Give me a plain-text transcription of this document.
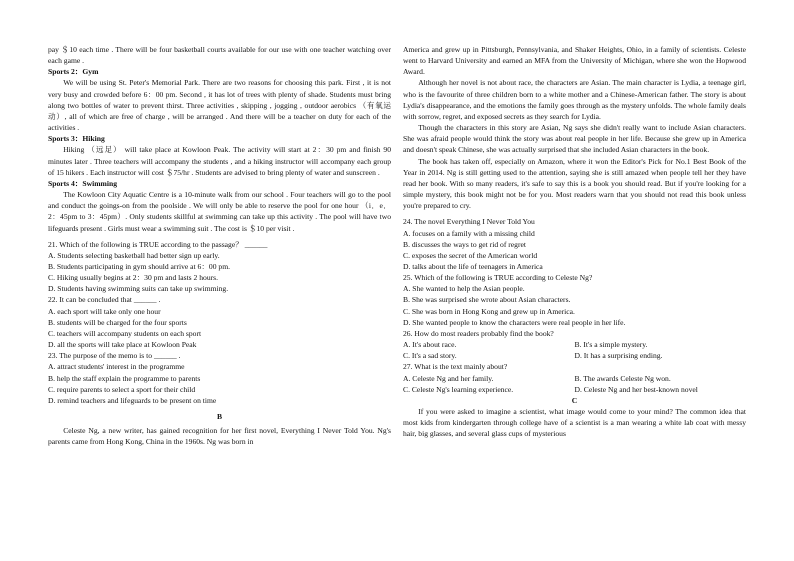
pay ＄10 each time . There will be four basketball courts available for our use with one teacher watching over each game .

Sports 2：Gym

We will be using St. Peter's Memorial Park. There are two reasons for choosing this park. First , it is not very busy and crowded before 6：00 pm. Second , it has lot of trees with plenty of shade. Students must bring along two bottles of water to prevent thirst. Three activities , skipping , jogging , outdoor aerobics （有氧运动）, all of which are free of charge , will be arranged . And there will be a teacher on duty for each of the activities .

Sports 3：Hiking

Hiking （远足） will take place at Kowloon Peak. The activity will start at 2：30 pm and finish 90 minutes later . Three teachers will accompany the students , and a hiking instructor will accompany each group of 15 hikers . Each instructor will cost ＄75/hr . Students are advised to bring plenty of water and sunscreen .

Sports 4：Swimming

The Kowloon City Aquatic Centre is a 10-minute walk from our school . Four teachers will go to the pool and conduct the goings-on from the poolside . We will only be able to reserve the pool for one hour （i．e．2：45pm to 3：45pm）. Only students skillful at swimming can take up this activity . The pool will have two lifeguards present . Girls must wear a swimming suit . The cost is ＄10 per visit .

21. Which of the following is TRUE according to the passage？ ______

A. Students selecting basketball had better sign up early.

B. Students participating in gym should arrive at 6：00 pm.

C. Hiking usually begins at 2：30 pm and lasts 2 hours.

D. Students having swimming suits can take up swimming.

22. It can be concluded that ______ .

A. each sport will take only one hour

B. students will be charged for the four sports

C. teachers will accompany students on each sport

D. all the sports will take place at Kowloon Peak

23. The purpose of the memo is to ______ .

A. attract students' interest in the programme

B. help the staff explain the programme to parents

C. require parents to select a sport for their child

D. remind teachers and lifeguards to be present on time

B

Celeste Ng, a new writer, has gained recognition for her first novel, Everything I Never Told You. Ng's parents came from Hong Kong, China in the 1960s. Ng was born in

America and grew up in Pittsburgh, Pennsylvania, and Shaker Heights, Ohio, in a family of scientists. Celeste went to Harvard University and earned an MFA from the University of Michigan, where she won the Hopwood Award.

Although her novel is not about race, the characters are Asian. The main character is Lydia, a teenage girl, who is the favourite of three children born to a white mother and a Chinese-American father. The story is about Lydia's disappearance, and the emotions the family goes through as the mystery unfolds. The whole family deals with sorrow, regret, and exposed secrets as they search for Lydia.

Though the characters in this story are Asian, Ng says she didn't really want to include Asian characters. She was afraid people would think the story was about real people in her life. Because she grew up in America and doesn't speak Chinese, she was actually surprised that she included Asian characters in the book.

The book has taken off, especially on Amazon, where it won the Editor's Pick for No.1 Best Book of the Year in 2014. Ng is still getting used to the attention, saying she is still amazed when people tell her they have read her book. With so many readers, it's safe to say this is a book you should read. But if you're looking for a simple mystery, this book might not be for you. Most readers warn that you should not read this book unless you're prepared to cry.

24. The novel Everything I Never Told You

A. focuses on a family with a missing child

B. discusses the ways to get rid of regret

C. exposes the secret of the American world

D. talks about the life of teenagers in America

25. Which of the following is TRUE according to Celeste Ng?

A. She wanted to help the Asian people.

B. She was surprised she wrote about Asian characters.

C. She was born in Hong Kong and grew up in America.

D. She wanted people to know the characters were real people in her life.

26. How do most readers probably find the book?

A. It's about race.	B. It's a simple mystery.
C. It's a sad story.	D. It has a surprising ending.

27. What is the text mainly about?

A. Celeste Ng and her family.	B. The awards Celeste Ng won.
C. Celeste Ng's learning experience.	D. Celeste Ng and her best-known novel

C

If you were asked to imagine a scientist, what image would come to your mind? The common idea that most kids from kindergarten through college have of a scientist is a man wearing a white lab coat with messy hair, big glasses, and several glass cups of mysterious
